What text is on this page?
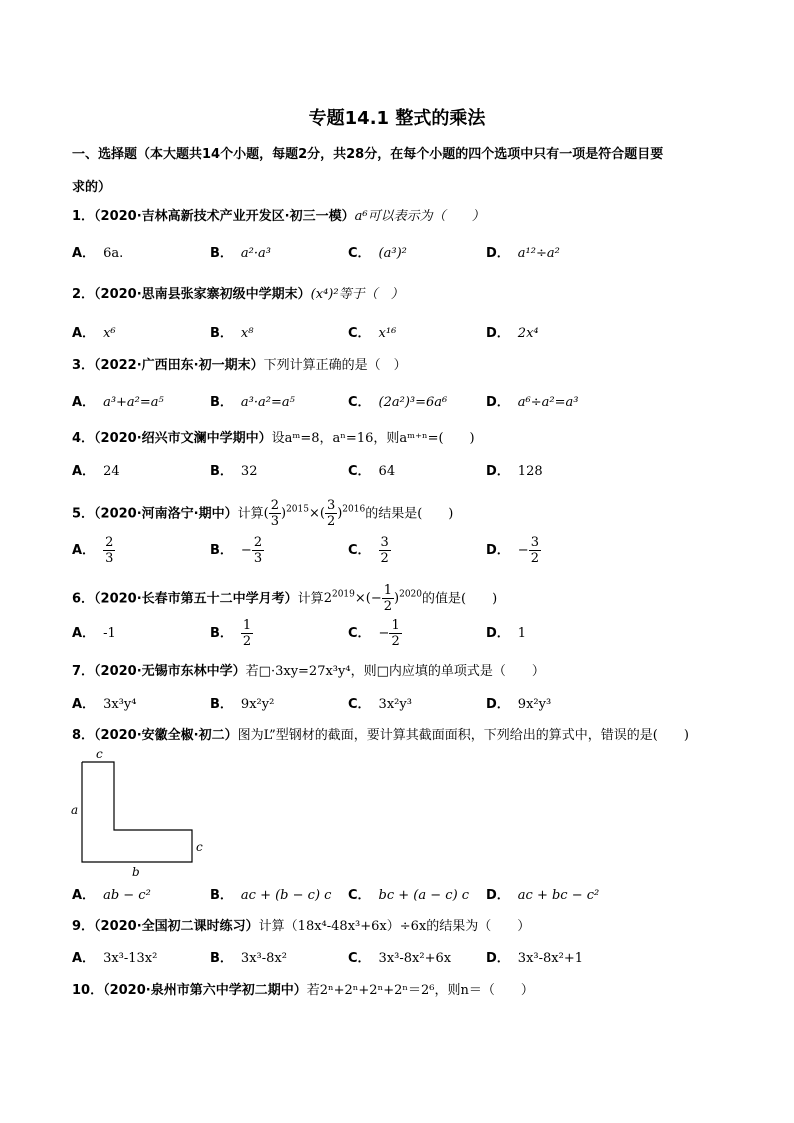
专题14.1 整式的乘法
一、选择题（本大题共14个小题，每题2分，共28分，在每个小题的四个选项中只有一项是符合题目要
求的）
1．（2020·吉林高新技术产业开发区·初三一模）a⁶可以表示为（　　）
A． 6a.	B． a²·a³	C． (a³)²	D． a¹²÷a²
2．（2020·思南县张家寨初级中学期末）(x⁴)²等于（　）
A． x⁶	B． x⁸	C． x¹⁶	D． 2x⁴
3．（2022·广西田东·初一期末）下列计算正确的是（　）
A． a³+a²=a⁵	B． a³·a²=a⁵	C． (2a²)³=6a⁶	D． a⁶÷a²=a³
4．（2020·绍兴市文澜中学期中）设aᵐ=8，aⁿ=16，则aᵐ⁺ⁿ=(　　)
A． 24	B． 32	C． 64	D． 128
5．（2020·河南洛宁·期中）计算( $\frac{2}{3} )^{2015}\times( \frac{3}{2} )^{2016}$的结果是(　　)
A． $\frac{2}{3}$	B． − $\frac{2}{3}$	C． $\frac{3}{2}$	D． − $\frac{3}{2}$
6．（2020·长春市第五十二中学月考）计算$2^{2019}\times(- \frac{1}{2} )^{2020}$的值是(　　)
A． -1	B． $\frac{1}{2}$	C． − $\frac{1}{2}$	D． 1
7．（2020·无锡市东林中学）若□·3xy=27x³y⁴，则□内应填的单项式是（　　）
A． 3x³y⁴	B． 9x²y²	C． 3x²y³	D． 9x²y³
8．（2020·安徽全椒·初二）图为L”型钢材的截面，要计算其截面面积，下列给出的算式中，错误的是(　　)
c
a
c
b
A． ab − c²	B． ac + (b − c) c C． bc + (a − c) c D． ac + bc − c²
9．（2020·全国初二课时练习）计算（18x⁴-48x³+6x）÷6x的结果为（　　）
A． 3x³-13x²	B． 3x³-8x²	C． 3x³-8x²+6x	D． 3x³-8x²+1
10．（2020·泉州市第六中学初二期中）若2ⁿ+2ⁿ+2ⁿ+2ⁿ＝2⁶，则n＝（　　）
